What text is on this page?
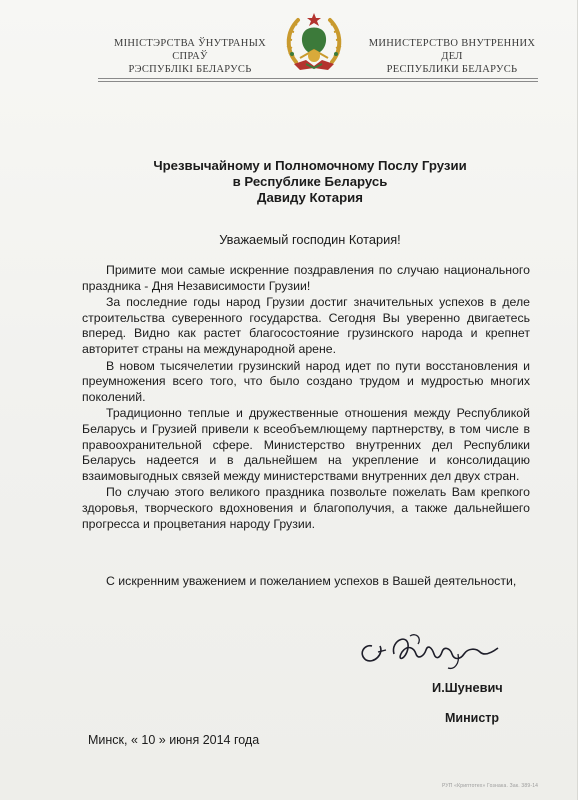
МІНІСТЭРСТВА ЎНУТРАНЫХ СПРАЎ
РЭСПУБЛІКІ БЕЛАРУСЬ
МИНИСТЕРСТВО ВНУТРЕННИХ ДЕЛ
РЕСПУБЛИКИ БЕЛАРУСЬ
Чрезвычайному и Полномочному Послу Грузии
в Республике Беларусь
Давиду Котария
Уважаемый господин Котария!

Примите мои самые искренние поздравления по случаю национального праздника - Дня Независимости Грузии!

За последние годы народ Грузии достиг значительных успехов в деле строительства суверенного государства. Сегодня Вы уверенно двигаетесь вперед. Видно как растет благосостояние грузинского народа и крепнет авторитет страны на международной арене.

В новом тысячелетии грузинский народ идет по пути восстановления и преумножения всего того, что было создано трудом и мудростью многих поколений.

Традиционно теплые и дружественные отношения между Республикой Беларусь и Грузией привели к всеобъемлющему партнерству, в том числе в правоохранительной сфере. Министерство внутренних дел Республики Беларусь надеется и в дальнейшем на укрепление и консолидацию взаимовыгодных связей между министерствами внутренних дел двух стран.

По случаю этого великого праздника позвольте пожелать Вам крепкого здоровья, творческого вдохновения и благополучия, а также дальнейшего прогресса и процветания народу Грузии.

С искренним уважением и пожеланием успехов в Вашей деятельности,
И.Шуневич
Министр
Минск, « 10 » июня 2014 года
РУП «Криптотех» Гознака. Зак. 389-14
